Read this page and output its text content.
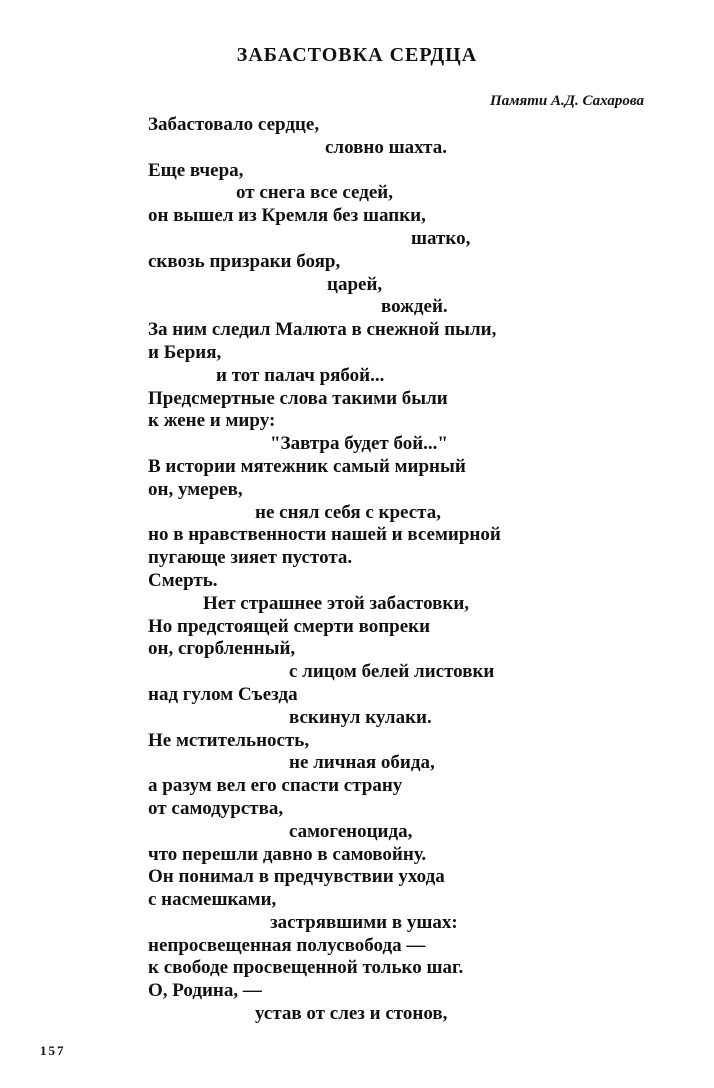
ЗАБАСТОВКА СЕРДЦА
Памяти А.Д. Сахарова
Забастовало сердце,
словно шахта.
Еще вчера,
от снега все седей,
он вышел из Кремля без шапки,
шатко,
сквозь призраки бояр,
царей,
вождей.
За ним следил Малюта в снежной пыли,
и Берия,
и тот палач рябой...
Предсмертные слова такими были
к жене и миру:
"Завтра будет бой..."
В истории мятежник самый мирный
он, умерев,
не снял себя с креста,
но в нравственности нашей и всемирной
пугающе зияет пустота.
Смерть.
Нет страшнее этой забастовки,
Но предстоящей смерти вопреки
он, сгорбленный,
с лицом белей листовки
над гулом Съезда
вскинул кулаки.
Не мстительность,
не личная обида,
а разум вел его спасти страну
от самодурства,
самогеноцида,
что перешли давно в самовойну.
Он понимал в предчувствии ухода
с насмешками,
застрявшими в ушах:
непросвещенная полусвобода —
к свободе просвещенной только шаг.
О, Родина, —
устав от слез и стонов,
157
